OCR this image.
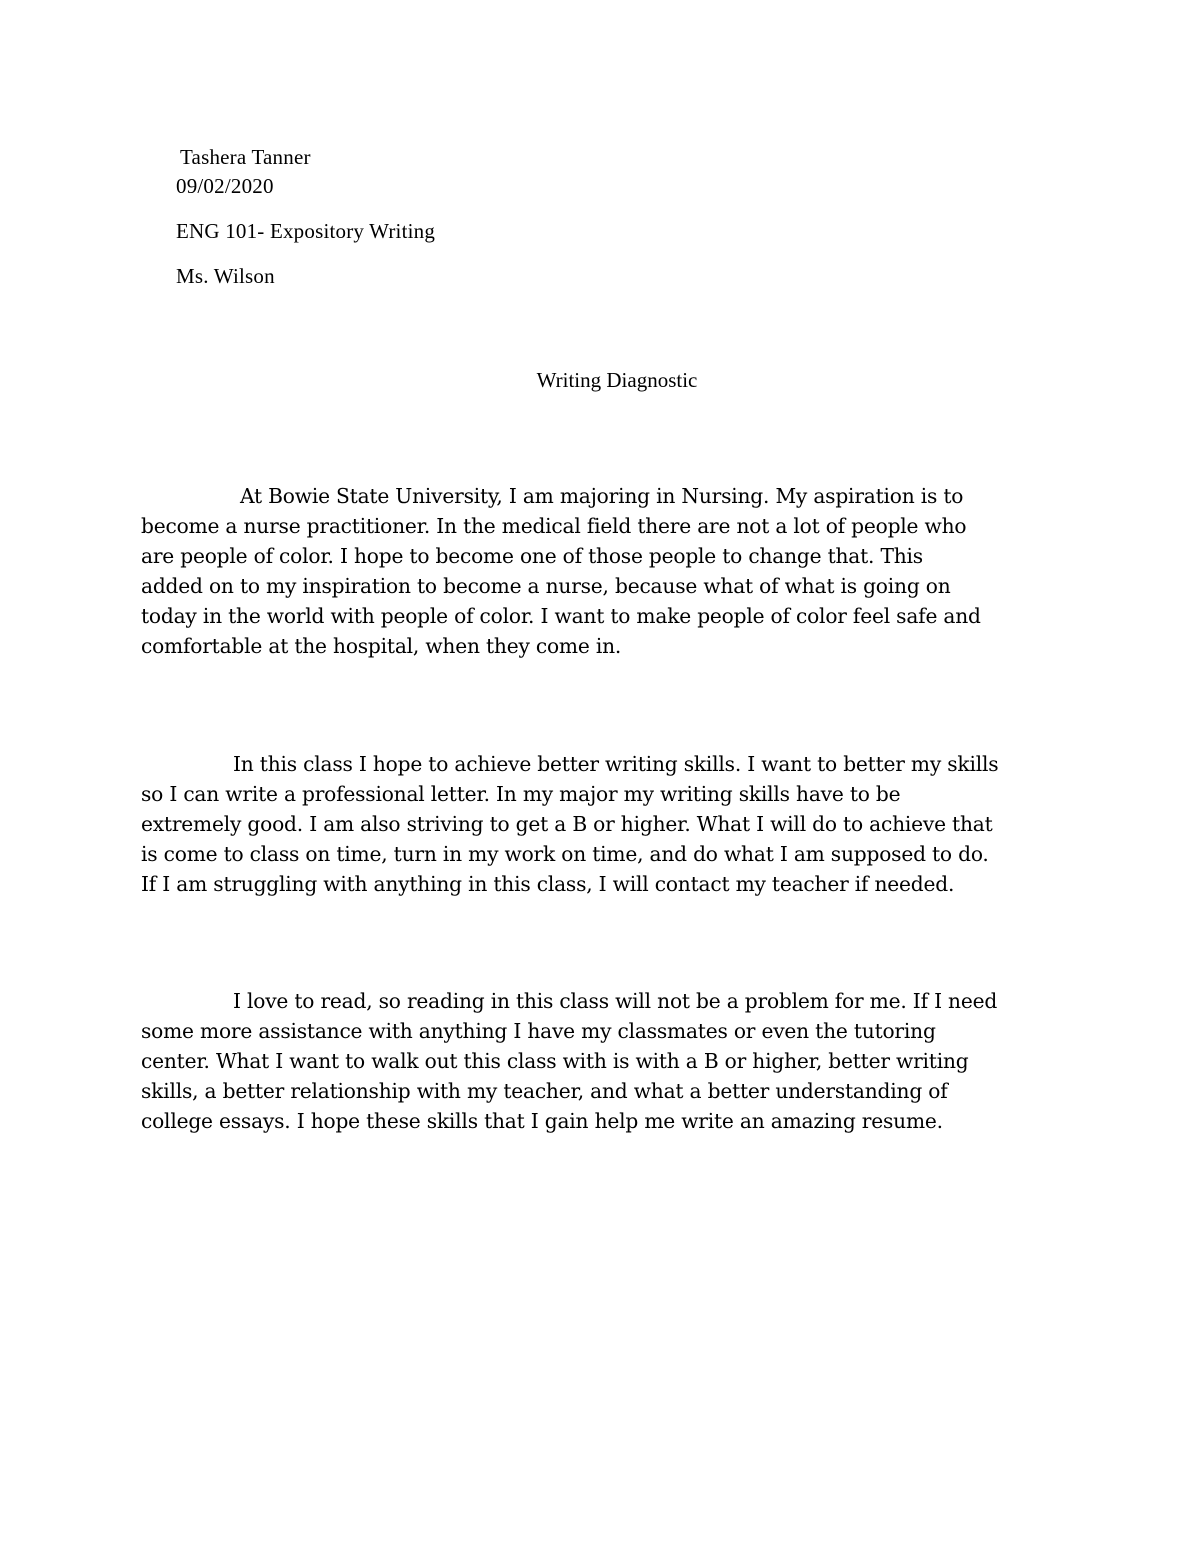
Tashera Tanner
09/02/2020
ENG 101- Expository Writing
Ms. Wilson
Writing Diagnostic
At Bowie State University, I am majoring in Nursing. My aspiration is to
become a nurse practitioner. In the medical field there are not a lot of people who
are people of color. I hope to become one of those people to change that. This
added on to my inspiration to become a nurse, because what of what is going on
today in the world with people of color. I want to make people of color feel safe and
comfortable at the hospital, when they come in.
In this class I hope to achieve better writing skills. I want to better my skills
so I can write a professional letter. In my major my writing skills have to be
extremely good. I am also striving to get a B or higher. What I will do to achieve that
is come to class on time, turn in my work on time, and do what I am supposed to do.
If I am struggling with anything in this class, I will contact my teacher if needed.
I love to read, so reading in this class will not be a problem for me. If I need
some more assistance with anything I have my classmates or even the tutoring
center. What I want to walk out this class with is with a B or higher, better writing
skills, a better relationship with my teacher, and what a better understanding of
college essays. I hope these skills that I gain help me write an amazing resume.
